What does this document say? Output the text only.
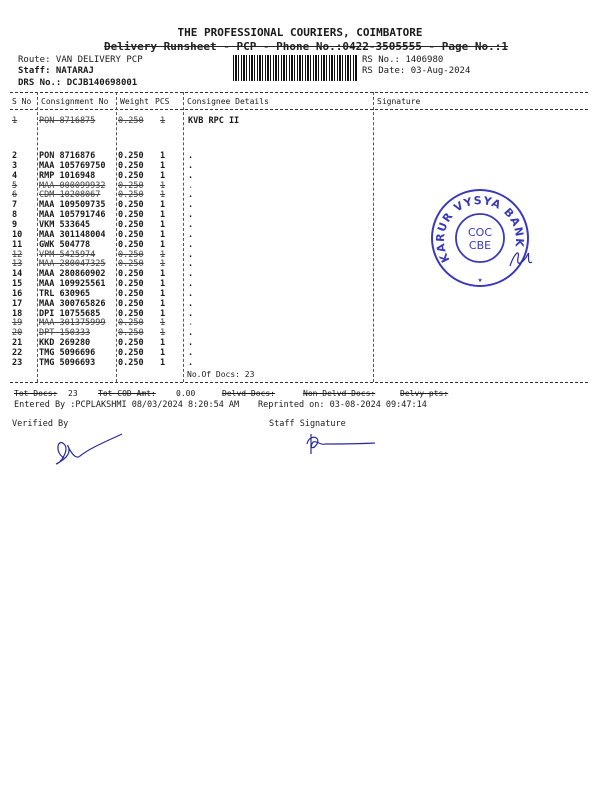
THE PROFESSIONAL COURIERS, COIMBATORE
Delivery Runsheet - PCP - Phone No.:0422-3505555 - Page No.:1
Route: VAN DELIVERY PCP
Staff: NATARAJ
DRS No.: DCJB140698001
RS No.: 1406980
RS Date: 03-Aug-2024
S No Consignment No Weight PCS Consignee Details	Signature
1	PON 8716875	0.250 1	KVB RPC II
2	PON 8716876	0.250 1	.
3	MAA 105769750 0.250 1	.
4	RMP 1016948	0.250 1	.
5	MAA 000099932 0.250 1	.
6	CDM 10208067 0.250 1	.
7	MAA 109509735 0.250 1	.
8	MAA 105791746 0.250 1	.
9	VKM 533645	0.250 1	.
10 MAA 301148004 0.250 1	.
11 GWK 504778	0.250 1	.
12 VPM 5425974	0.250 1	.
13 MAA 280047325 0.250 1	.
14 MAA 280860902 0.250 1	.
15 MAA 109925561 0.250 1	.
16 TRL 630965	0.250 1	.
17 MAA 300765826 0.250 1	.
18 DPI 10755685 0.250 1	.
19 MAA 301375999 0.250 1	.
20 DPT 150333	0.250 1	.
21 KKD 269280	0.250 1	.
22 TMG 5096696	0.250 1	.
23 TMG 5096693	0.250 1	.
No.Of Docs: 23
Tot Docs: 23	Tot COD Amt:	0.00	Delvd Docs:	Non Delvd Docs:	Delvy pts:
Entered By :PCPLAKSHMI 08/03/2024 8:20:54 AM Reprinted on: 03-08-2024 09:47:14
Verified By	Staff Signature
KARUR VYSYA BANK
COC
CBE
★
